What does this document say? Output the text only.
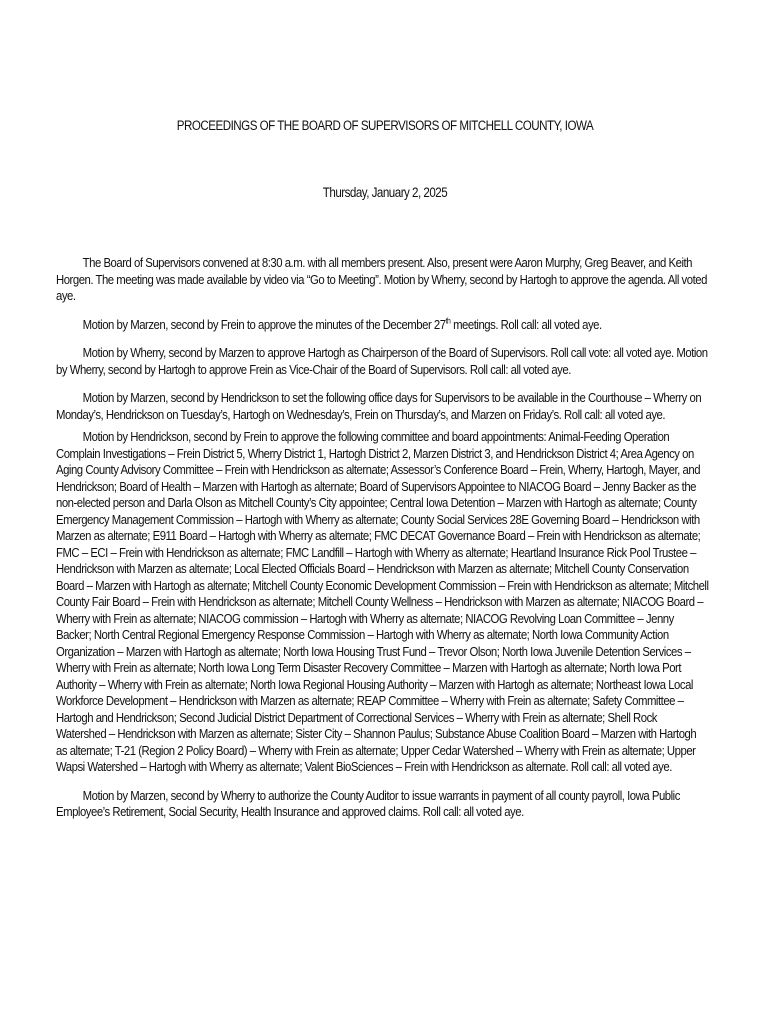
PROCEEDINGS OF THE BOARD OF SUPERVISORS OF MITCHELL COUNTY, IOWA
Thursday, January 2, 2025

The Board of Supervisors convened at 8:30 a.m. with all members present. Also, present were Aaron Murphy, Greg Beaver, and Keith Horgen. The meeting was made available by video via “Go to Meeting”. Motion by Wherry, second by Hartogh to approve the agenda. All voted aye.

Motion by Marzen, second by Frein to approve the minutes of the December 27th meetings. Roll call: all voted aye.

Motion by Wherry, second by Marzen to approve Hartogh as Chairperson of the Board of Supervisors. Roll call vote: all voted aye. Motion by Wherry, second by Hartogh to approve Frein as Vice-Chair of the Board of Supervisors. Roll call: all voted aye.

Motion by Marzen, second by Hendrickson to set the following office days for Supervisors to be available in the Courthouse – Wherry on Monday’s, Hendrickson on Tuesday’s, Hartogh on Wednesday’s, Frein on Thursday’s, and Marzen on Friday’s. Roll call: all voted aye.

Motion by Hendrickson, second by Frein to approve the following committee and board appointments: Animal-Feeding Operation Complain Investigations – Frein District 5, Wherry District 1, Hartogh District 2, Marzen District 3, and Hendrickson District 4; Area Agency on Aging County Advisory Committee – Frein with Hendrickson as alternate; Assessor’s Conference Board – Frein, Wherry, Hartogh, Mayer, and Hendrickson; Board of Health – Marzen with Hartogh as alternate; Board of Supervisors Appointee to NIACOG Board – Jenny Backer as the non-elected person and Darla Olson as Mitchell County’s City appointee; Central Iowa Detention – Marzen with Hartogh as alternate; County Emergency Management Commission – Hartogh with Wherry as alternate; County Social Services 28E Governing Board – Hendrickson with Marzen as alternate; E911 Board – Hartogh with Wherry as alternate; FMC DECAT Governance Board – Frein with Hendrickson as alternate; FMC – ECI – Frein with Hendrickson as alternate; FMC Landfill – Hartogh with Wherry as alternate; Heartland Insurance Rick Pool Trustee – Hendrickson with Marzen as alternate; Local Elected Officials Board – Hendrickson with Marzen as alternate; Mitchell County Conservation Board – Marzen with Hartogh as alternate; Mitchell County Economic Development Commission – Frein with Hendrickson as alternate; Mitchell County Fair Board – Frein with Hendrickson as alternate; Mitchell County Wellness – Hendrickson with Marzen as alternate; NIACOG Board – Wherry with Frein as alternate; NIACOG commission – Hartogh with Wherry as alternate; NIACOG Revolving Loan Committee – Jenny Backer; North Central Regional Emergency Response Commission – Hartogh with Wherry as alternate; North Iowa Community Action Organization – Marzen with Hartogh as alternate; North Iowa Housing Trust Fund – Trevor Olson; North Iowa Juvenile Detention Services – Wherry with Frein as alternate; North Iowa Long Term Disaster Recovery Committee – Marzen with Hartogh as alternate; North Iowa Port Authority – Wherry with Frein as alternate; North Iowa Regional Housing Authority – Marzen with Hartogh as alternate; Northeast Iowa Local Workforce Development – Hendrickson with Marzen as alternate; REAP Committee – Wherry with Frein as alternate; Safety Committee – Hartogh and Hendrickson; Second Judicial District Department of Correctional Services – Wherry with Frein as alternate; Shell Rock Watershed – Hendrickson with Marzen as alternate; Sister City – Shannon Paulus; Substance Abuse Coalition Board – Marzen with Hartogh as alternate; T-21 (Region 2 Policy Board) – Wherry with Frein as alternate; Upper Cedar Watershed – Wherry with Frein as alternate; Upper Wapsi Watershed – Hartogh with Wherry as alternate; Valent BioSciences – Frein with Hendrickson as alternate. Roll call: all voted aye.

Motion by Marzen, second by Wherry to authorize the County Auditor to issue warrants in payment of all county payroll, Iowa Public Employee’s Retirement, Social Security, Health Insurance and approved claims. Roll call: all voted aye.
